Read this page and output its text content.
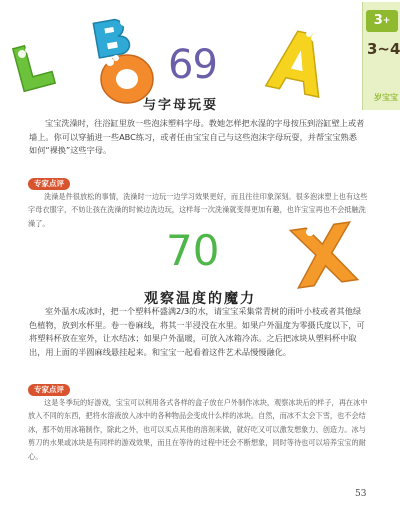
3+
3~4
岁宝宝
69
与字母玩耍
宝宝洗澡时，往浴缸里放一些泡沫塑料字母。教她怎样把水湿的字母按压到浴缸壁上或者墙上。你可以穿插进一些ABC练习，或者任由宝宝自己与这些泡沫字母玩耍，并帮宝宝熟悉如何“裸换”这些字母。
专家点评
洗澡是件很放松的事情，洗澡时一边玩一边学习效果更好，而且往往印象深刻。很多泡沫塑上也有这些字母衣服字，不妨让孩在洗澡的时候边洗边玩，这样每一次洗澡就变得更加有趣，也许宝宝再也不会抵触洗澡了。
70
观察温度的魔力
室外温水成冰时，把一个塑料杯盛满2/3的水，请宝宝采集常青树的雨叶小枝或者其他绿色植物，放到水杯里。卷一卷麻线，将其一半浸没在水里。如果户外温度为零摄氏度以下，可将塑料杯放在室外，让水结冰；如果户外温暖，可放入冰箱冷冻。之后把冰块从塑料杯中取出，用上面的半圆麻线悬挂起来。和宝宝一起看着这件艺术品慢慢融化。
专家点评
这是冬季玩的好游戏，宝宝可以利用各式各样的盒子放在户外制作冰块，观察冰块后的样子，再在冰中放入不同的东西，把将水溶液放入冰中的各种物品会变成什么样的冰块。自然，而冰不太会下雪，也不会结冰，那不妨用冰箱制作，除此之外，也可以买点其他的溶剂来做，就好吃又可以激发想象力、创造力。冰与剪刀的水果或冰块是有同样的游戏效果，而且在等待的过程中还会不断想象，同时等待也可以培养宝宝的耐心。
53
